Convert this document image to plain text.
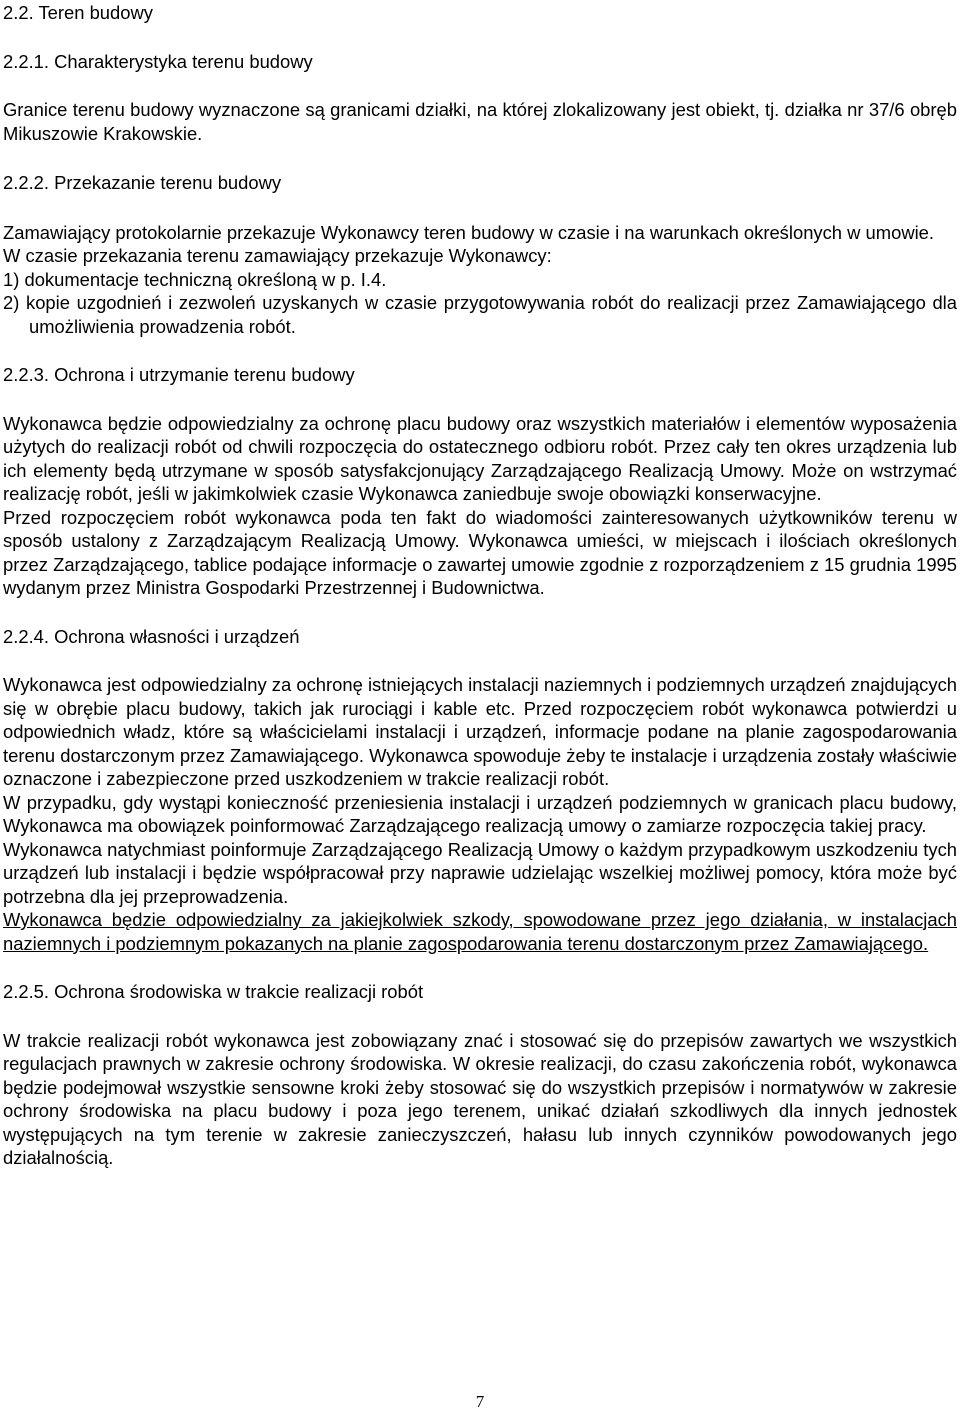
2.2. Teren budowy
2.2.1. Charakterystyka terenu budowy

Granice terenu budowy wyznaczone są granicami działki, na której zlokalizowany jest obiekt, tj. działka nr 37/6 obręb Mikuszowie Krakowskie.

2.2.2. Przekazanie terenu budowy

Zamawiający protokolarnie przekazuje Wykonawcy teren budowy w czasie i na warunkach określonych w umowie.

W czasie przekazania terenu zamawiający przekazuje Wykonawcy:

1) dokumentacje techniczną określoną w p. I.4.

2) kopie uzgodnień i zezwoleń uzyskanych w czasie przygotowywania robót do realizacji przez Zamawiającego dla umożliwienia prowadzenia robót.

2.2.3. Ochrona i utrzymanie terenu budowy

Wykonawca będzie odpowiedzialny za ochronę placu budowy oraz wszystkich materiałów i elementów wyposażenia użytych do realizacji robót od chwili rozpoczęcia do ostatecznego odbioru robót. Przez cały ten okres urządzenia lub ich elementy będą utrzymane w sposób satysfakcjonujący Zarządzającego Realizacją Umowy. Może on wstrzymać realizację robót, jeśli w jakimkolwiek czasie Wykonawca zaniedbuje swoje obowiązki konserwacyjne.

Przed rozpoczęciem robót wykonawca poda ten fakt do wiadomości zainteresowanych użytkowników terenu w sposób ustalony z Zarządzającym Realizacją Umowy. Wykonawca umieści, w miejscach i ilościach określonych przez Zarządzającego, tablice podające informacje o zawartej umowie zgodnie z rozporządzeniem z 15 grudnia 1995 wydanym przez Ministra Gospodarki Przestrzennej i Budownictwa.

2.2.4. Ochrona własności i urządzeń

Wykonawca jest odpowiedzialny za ochronę istniejących instalacji naziemnych i podziemnych urządzeń znajdujących się w obrębie placu budowy, takich jak rurociągi i kable etc. Przed rozpoczęciem robót wykonawca potwierdzi u odpowiednich władz, które są właścicielami instalacji i urządzeń, informacje podane na planie zagospodarowania terenu dostarczonym przez Zamawiającego. Wykonawca spowoduje żeby te instalacje i urządzenia zostały właściwie oznaczone i zabezpieczone przed uszkodzeniem w trakcie realizacji robót.

W przypadku, gdy wystąpi konieczność przeniesienia instalacji i urządzeń podziemnych w granicach placu budowy, Wykonawca ma obowiązek poinformować Zarządzającego realizacją umowy o zamiarze rozpoczęcia takiej pracy.

Wykonawca natychmiast poinformuje Zarządzającego Realizacją Umowy o każdym przypadkowym uszkodzeniu tych urządzeń lub instalacji i będzie współpracował przy naprawie udzielając wszelkiej możliwej pomocy, która może być potrzebna dla jej przeprowadzenia.

Wykonawca będzie odpowiedzialny za jakiejkolwiek szkody, spowodowane przez jego działania, w instalacjach naziemnych i podziemnym pokazanych na planie zagospodarowania terenu dostarczonym przez Zamawiającego.

2.2.5. Ochrona środowiska w trakcie realizacji robót

W trakcie realizacji robót wykonawca jest zobowiązany znać i stosować się do przepisów zawartych we wszystkich regulacjach prawnych w zakresie ochrony środowiska. W okresie realizacji, do czasu zakończenia robót, wykonawca będzie podejmował wszystkie sensowne kroki żeby stosować się do wszystkich przepisów i normatywów w zakresie ochrony środowiska na placu budowy i poza jego terenem, unikać działań szkodliwych dla innych jednostek występujących na tym terenie w zakresie zanieczyszczeń, hałasu lub innych czynników powodowanych jego działalnością.

7
